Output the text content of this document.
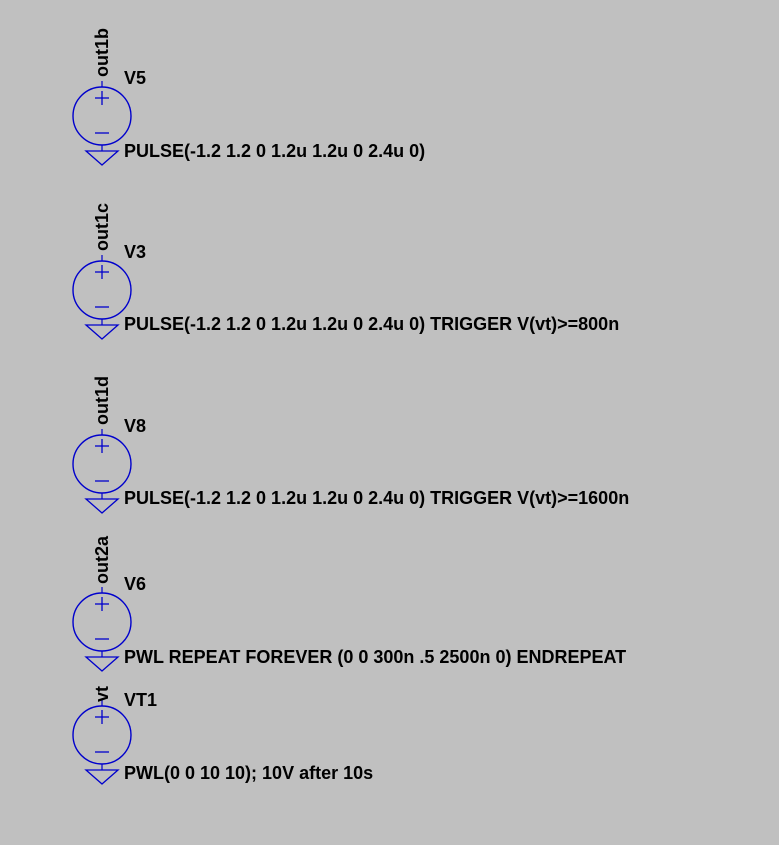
out1b
V5
PULSE(-1.2 1.2 0 1.2u 1.2u 0 2.4u 0)
out1c
V3
PULSE(-1.2 1.2 0 1.2u 1.2u 0 2.4u 0) TRIGGER V(vt)>=800n
out1d
V8
PULSE(-1.2 1.2 0 1.2u 1.2u 0 2.4u 0) TRIGGER V(vt)>=1600n
out2a V6
PWL REPEAT FOREVER (0 0 300n .5 2500n 0) ENDREPEAT
vt VT1
PWL(0 0 10 10); 10V after 10s
